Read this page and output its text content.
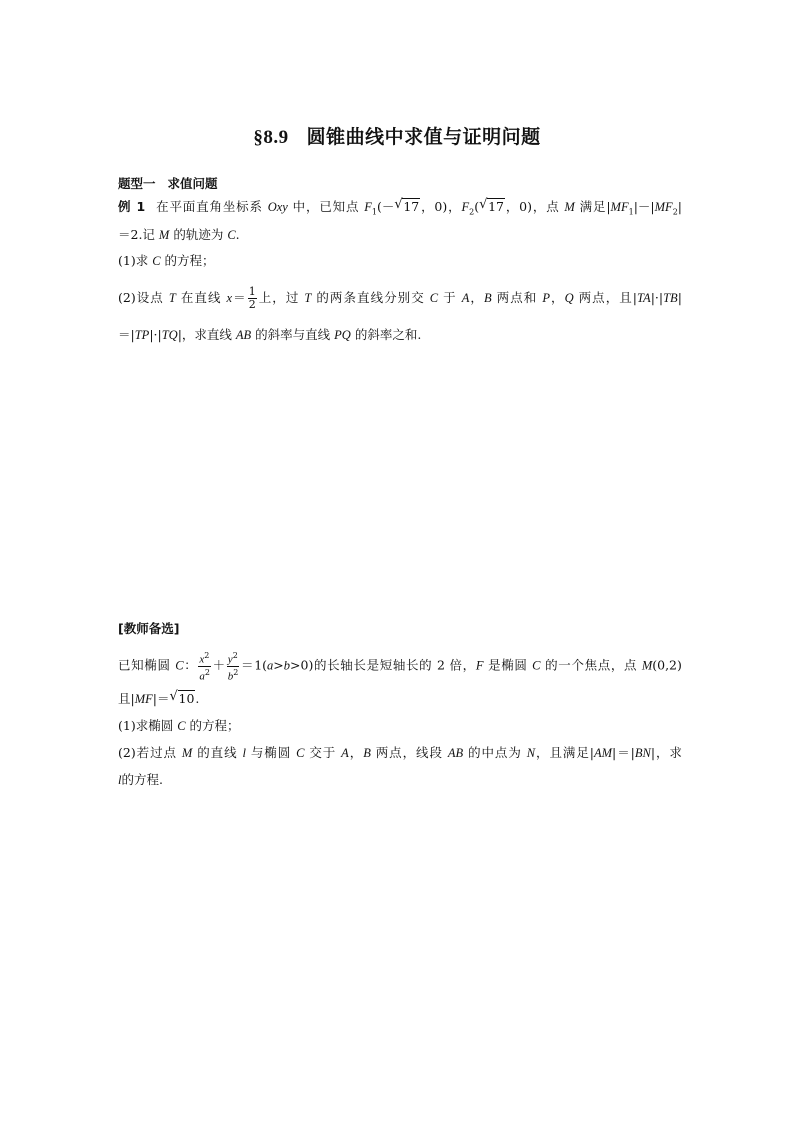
§8.9 圆锥曲线中求值与证明问题
题型一 求值问题
例 1 在平面直角坐标系 Oxy 中，已知点 $F_1(-√$ 17，0)，$F_2(√$ 17，0)，点 M 满足$|MF_1|-|MF_2|$
＝2.记 M 的轨迹为 C.
(1)求 C 的方程；
(2)设点 T 在直线 $x= \frac{1}{2}$ 上，过 T 的两条直线分别交 C 于 A，B 两点和 P，Q 两点，且|TA|·|TB|
＝|TP|·|TQ|，求直线 AB 的斜率与直线 PQ 的斜率之和.
[教师备选]
已知椭圆 C： $\frac{x^2}{a^2} + \frac{y^2}{b^2} =1(a>b>0)$的长轴长是短轴长的 2 倍，F 是椭圆 C 的一个焦点，点 M(0,2)
且|MF|＝√ 10.
(1)求椭圆 C 的方程；
(2)若过点 M 的直线 l 与椭圆 C 交于 A，B 两点，线段 AB 的中点为 N，且满足|AM|＝|BN|，求
l的方程.
